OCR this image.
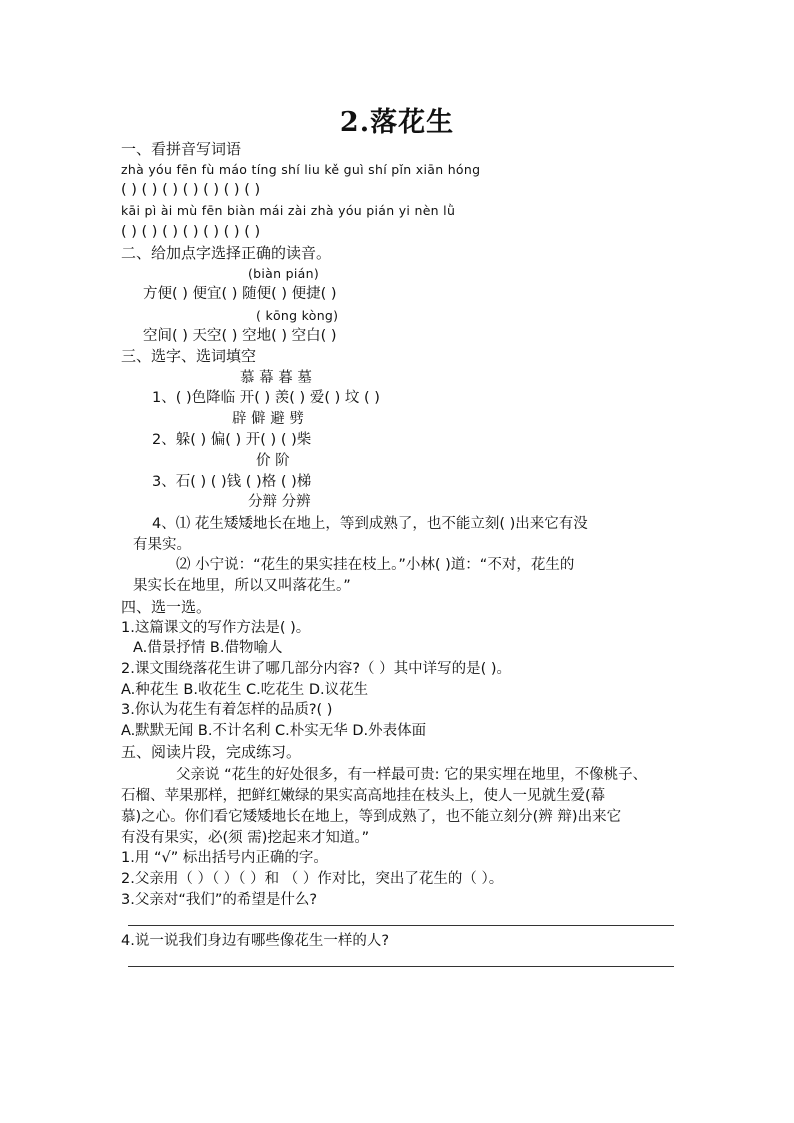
2.落花生
一、看拼音写词语
zhà yóu fēn fù máo tíng shí liu kě guì shí pǐn xiān hóng
( ) ( ) ( ) ( ) ( ) ( ) ( )
kāi pì ài mù fēn biàn mái zài zhà yóu pián yi nèn lǜ
( ) ( ) ( ) ( ) ( ) ( ) ( )
二、给加点字选择正确的读音。
(biàn pián)
方便( ) 便宜( ) 随便( ) 便捷( )
( kōng kòng)
空间( ) 天空( ) 空地( ) 空白( )
三、选字、选词填空
慕 幕 暮 墓
1、( )色降临 开( ) 羡( ) 爱( ) 坟 ( )
辟 僻 避 劈
2、躲( ) 偏( ) 开( ) ( )柴
价 阶
3、石( ) ( )钱 ( )格 ( )梯
分辩 分辨
4、⑴ 花生矮矮地长在地上，等到成熟了，也不能立刻( )出来它有没
有果实。
⑵ 小宁说：“花生的果实挂在枝上。”小林( )道：“不对，花生的
果实长在地里，所以又叫落花生。”
四、选一选。
1.这篇课文的写作方法是( )。
A.借景抒情 B.借物喻人
2.课文围绕落花生讲了哪几部分内容?（ ）其中详写的是( )。
A.种花生 B.收花生 C.吃花生 D.议花生
3.你认为花生有着怎样的品质?( )
A.默默无闻 B.不计名利 C.朴实无华 D.外表体面
五、阅读片段，完成练习。
父亲说 “花生的好处很多，有一样最可贵: 它的果实埋在地里，不像桃子、
石榴、苹果那样，把鲜红嫩绿的果实高高地挂在枝头上，使人一见就生爱(幕
慕)之心。你们看它矮矮地长在地上，等到成熟了，也不能立刻分(辨 辩)出来它
有没有果实，必(须 需)挖起来才知道。”
1.用 “√” 标出括号内正确的字。
2.父亲用（ ）（ ）（ ）和 （ ）作对比，突出了花生的（ ）。
3.父亲对“我们”的希望是什么?
4.说一说我们身边有哪些像花生一样的人?
